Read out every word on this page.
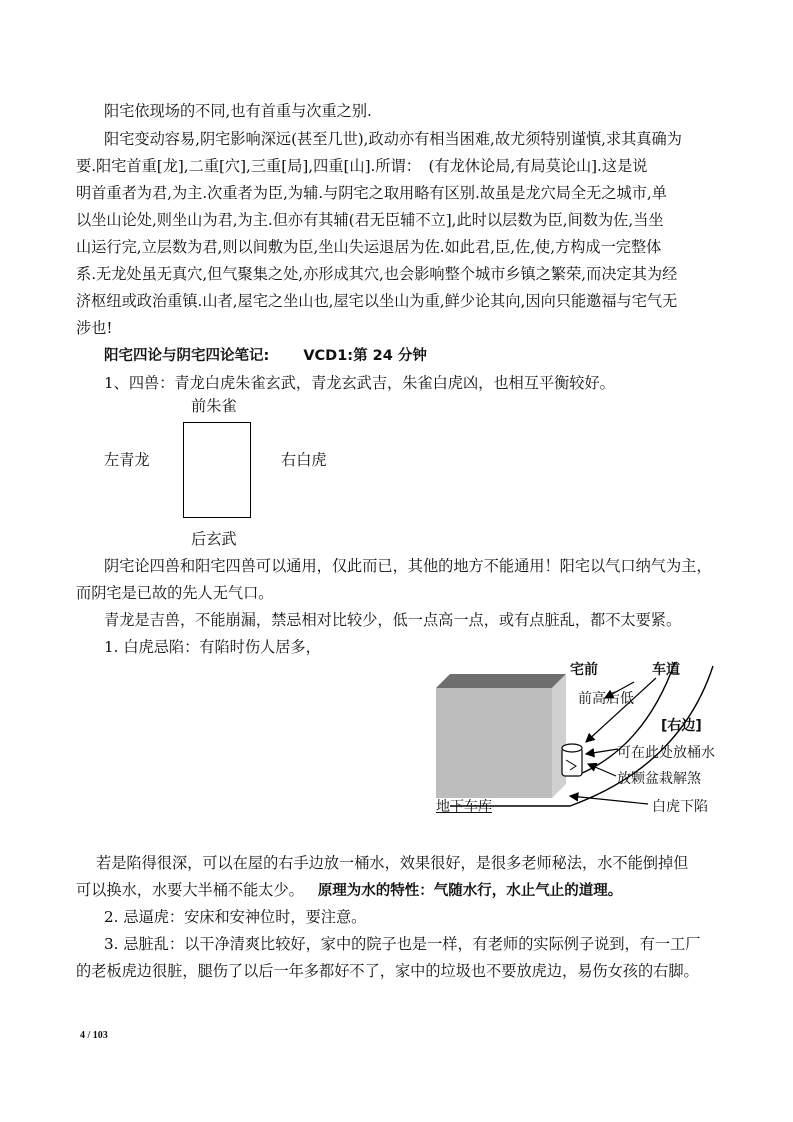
阳宅依现场的不同,也有首重与次重之别.
阳宅变动容易,阴宅影响深远(甚至几世),政动亦有相当困难,故尤须特别谨慎,求其真确为
要.阳宅首重[龙],二重[穴],三重[局],四重[山].所谓：　(有龙休论局,有局莫论山].这是说
明首重者为君,为主.次重者为臣,为辅.与阴宅之取用略有区别.故虽是龙穴局全无之城市,单
以坐山论处,则坐山为君,为主.但亦有其辅(君无臣辅不立],此时以层数为臣,间数为佐,当坐
山运行完,立层数为君,则以间敷为臣,坐山失运退居为佐.如此君,臣,佐,使,方构成一完整体
系.无龙处虽无真穴,但气聚集之处,亦形成其穴,也会影响整个城市乡镇之繁荣,而决定其为经
济枢纽或政治重镇.山者,屋宅之坐山也,屋宅以坐山为重,鲜少论其向,因向只能邀福与宅气无
涉也!
阳宅四论与阴宅四论笔记: VCD1:第 24 分钟
1、四兽：青龙白虎朱雀玄武，青龙玄武吉，朱雀白虎凶，也相互平衡较好。
前朱雀
左青龙	右白虎
后玄武
阴宅论四兽和阳宅四兽可以通用，仅此而已，其他的地方不能通用！阳宅以气口纳气为主，
而阴宅是已故的先人无气口。
青龙是吉兽，不能崩漏，禁忌相对比较少，低一点高一点，或有点脏乱，都不太要紧。
1. 白虎忌陷：有陷时伤人居多，
宅前	车道
前高后低
[右边]
可在此处放桶水
放颗盆栽解煞
地下车库	白虎下陷
若是陷得很深，可以在屋的右手边放一桶水，效果很好，是很多老师秘法，水不能倒掉但
可以换水，水要大半桶不能太少。 原理为水的特性：气随水行，水止气止的道理。
2. 忌逼虎：安床和安神位时，要注意。
3. 忌脏乱：以干净清爽比较好，家中的院子也是一样，有老师的实际例子说到，有一工厂
的老板虎边很脏，腿伤了以后一年多都好不了，家中的垃圾也不要放虎边，易伤女孩的右脚。
4 / 103
